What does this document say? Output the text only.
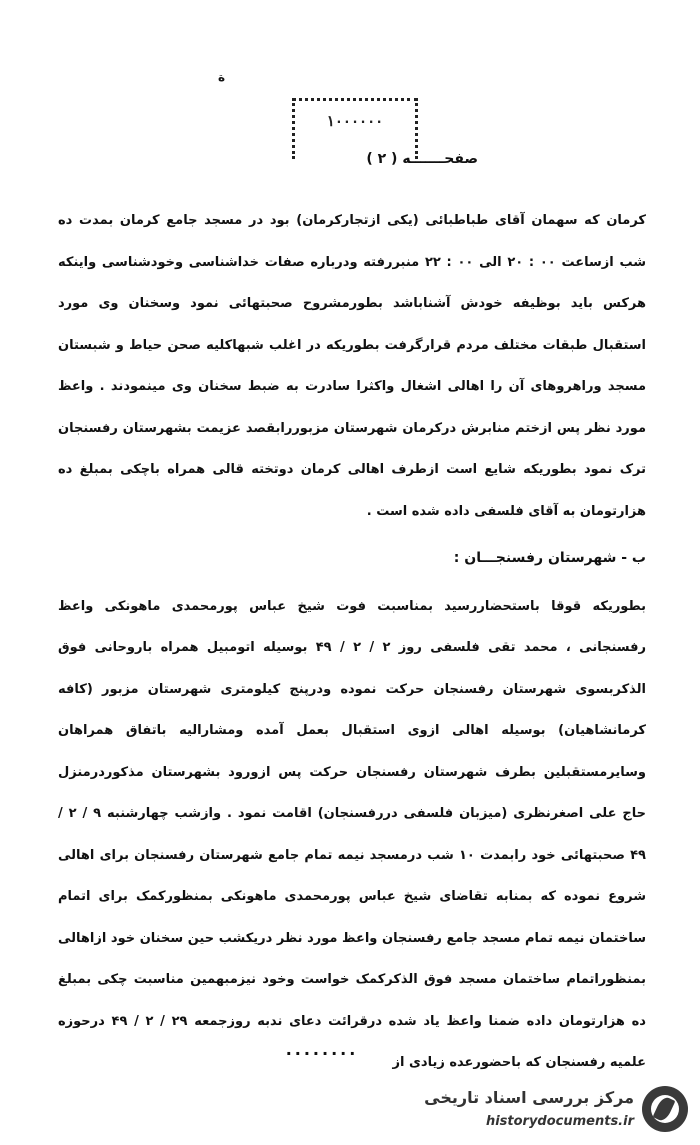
ة
۱۰۰۰۰۰۰
صفحـــــــه ( ۲ )

کرمان که سهمان آقای طباطبائی (یکی ازتجارکرمان) بود در مسجد جامع کرمان بمدت ده شب ازساعت ۰۰ : ۲۰ الی ۰۰ : ۲۲ منبررفته ودرباره صفات خداشناسی وخودشناسی واینکه هرکس باید بوظیفه خودش آشناباشد بطورمشروح صحبتهائی نمود وسخنان وی مورد استقبال طبقات مختلف مردم قرارگرفت بطوریکه در اغلب شبهاکلیه صحن حیاط و شبستان مسجد وراهروهای آن را اهالی اشغال واکثرا سادرت به ضبط سخنان وی مینمودند . واعظ مورد نظر پس ازختم منابرش درکرمان شهرستان مزبوررابقصد عزیمت بشهرستان رفسنجان ترک نمود بطوریکه شایع است ازطرف اهالی کرمان دوتخته قالی همراه باچکی بمبلغ ده هزارتومان به آقای فلسفی داده شده است .

ب - شهرستان رفسنجـــان :

بطوریکه قوقا باستحضاررسید بمناسبت فوت شیخ عباس پورمحمدی ماهونکی واعظ رفسنجانی ، محمد تقی فلسفی روز ۲ / ۲ / ۴۹ بوسیله اتومبیل همراه باروحانی فوق الذکربسوی شهرستان رفسنجان حرکت نموده ودرپنج کیلومتری شهرستان مزبور (کافه کرمانشاهیان) بوسیله اهالی ازوی استقبال بعمل آمده ومشارالیه باتفاق همراهان وسایرمستقبلین بطرف شهرستان رفسنجان حرکت پس ازورود بشهرستان مذکوردرمنزل حاج علی اصغرنظری (میزبان فلسفی دررفسنجان) اقامت نمود . وازشب چهارشنبه ۹ / ۲ / ۴۹ صحبتهائی خود رابمدت ۱۰ شب درمسجد نیمه تمام جامع شهرستان رفسنجان برای اهالی شروع نموده که بمنابه تقاضای شیخ عباس پورمحمدی ماهونکی بمنظورکمک برای اتمام ساختمان نیمه تمام مسجد جامع رفسنجان واعظ مورد نظر دریکشب حین سخنان خود ازاهالی بمنظوراتمام ساختمان مسجد فوق الذکرکمک خواست وخود نیزمبهمین مناسبت چکی بمبلغ ده هزارتومان داده ضمنا واعظ یاد شده درقرائت دعای ندبه روزجمعه ۲۹ / ۲ / ۴۹ درحوزه علمیه رفسنجان که باحضورعده زیادی از

........
مرکز بررسی اسناد تاریخی
historydocuments.ir
